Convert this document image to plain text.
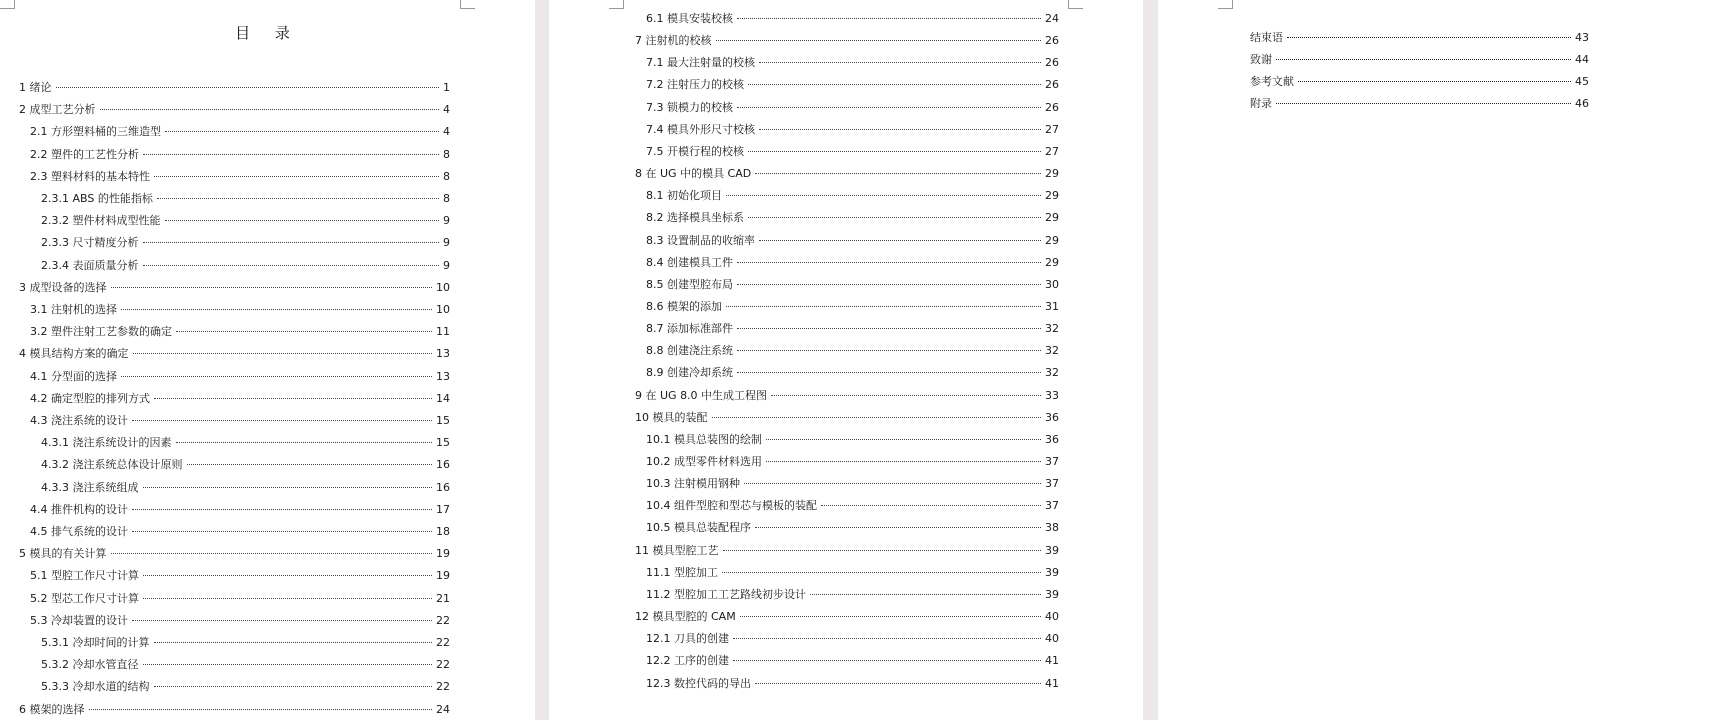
目 录
1 绪论	1
2 成型工艺分析	4
2.1 方形塑料桶的三维造型	4
2.2 塑件的工艺性分析	8
2.3 塑料材料的基本特性	8
2.3.1 ABS 的性能指标	8
2.3.2 塑件材料成型性能	9
2.3.3 尺寸精度分析	9
2.3.4 表面质量分析	9
3 成型设备的选择	10
3.1 注射机的选择	10
3.2 塑件注射工艺参数的确定	11
4 模具结构方案的确定	13
4.1 分型面的选择	13
4.2 确定型腔的排列方式	14
4.3 浇注系统的设计	15
4.3.1 浇注系统设计的因素	15
4.3.2 浇注系统总体设计原则	16
4.3.3 浇注系统组成	16
4.4 推件机构的设计	17
4.5 排气系统的设计	18
5 模具的有关计算	19
5.1 型腔工作尺寸计算	19
5.2 型芯工作尺寸计算	21
5.3 冷却装置的设计	22
5.3.1 冷却时间的计算	22
5.3.2 冷却水管直径	22
5.3.3 冷却水道的结构	22
6 模架的选择	24
6.1 模具安装校核	24
7 注射机的校核	26
7.1 最大注射量的校核	26
7.2 注射压力的校核	26
7.3 锁模力的校核	26
7.4 模具外形尺寸校核	27
7.5 开模行程的校核	27
8 在 UG 中的模具 CAD	29
8.1 初始化项目	29
8.2 选择模具坐标系	29
8.3 设置制品的收缩率	29
8.4 创建模具工件	29
8.5 创建型腔布局	30
8.6 模架的添加	31
8.7 添加标准部件	32
8.8 创建浇注系统	32
8.9 创建冷却系统	32
9 在 UG 8.0 中生成工程图	33
10 模具的装配	36
10.1 模具总装图的绘制	36
10.2 成型零件材料选用	37
10.3 注射模用钢种	37
10.4 组件型腔和型芯与模板的装配	37
10.5 模具总装配程序	38
11 模具型腔工艺	39
11.1 型腔加工	39
11.2 型腔加工工艺路线初步设计	39
12 模具型腔的 CAM	40
12.1 刀具的创建	40
12.2 工序的创建	41
12.3 数控代码的导出	41
结束语	43
致谢	44
参考文献	45
附录	46
